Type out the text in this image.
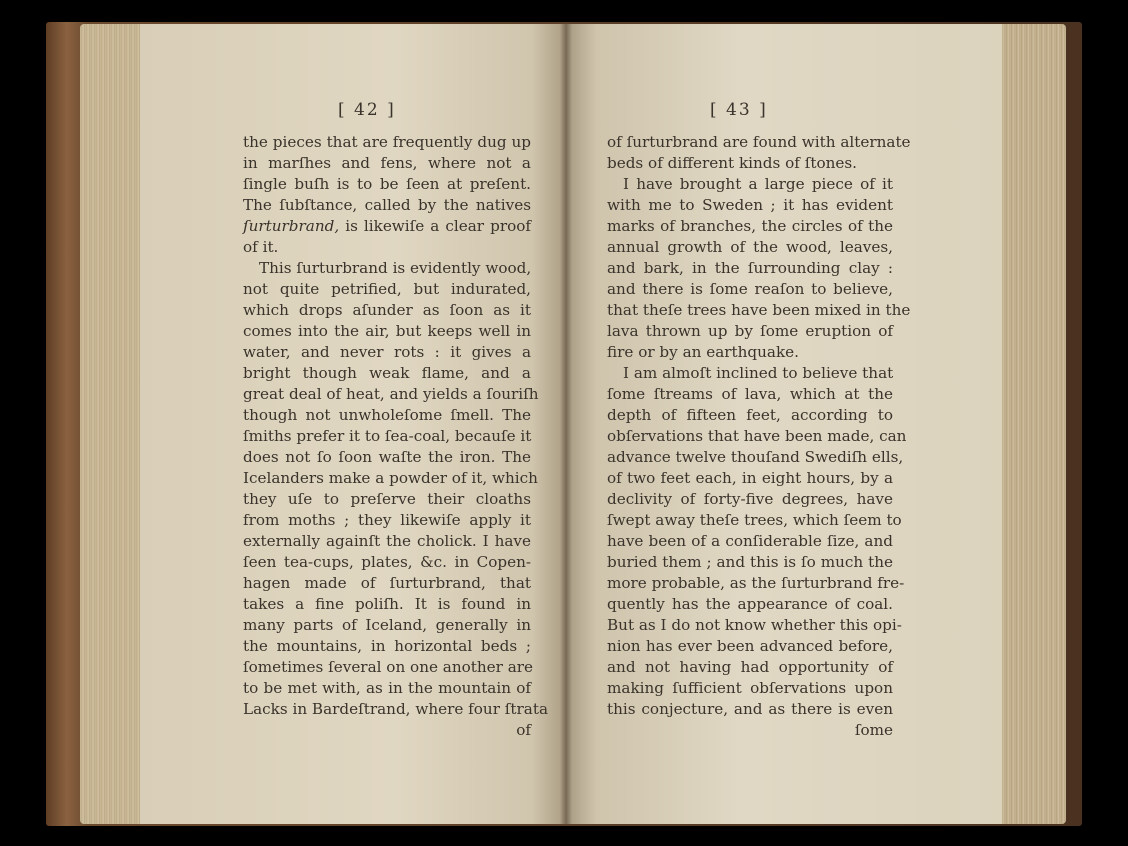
[ 42 ]	[ 43 ]
the pieces that are frequently dug up
in marſhes and fens, where not a
ſingle buſh is to be ſeen at preſent.
The ſubſtance, called by the natives
ſurturbrand, is likewiſe a clear proof
of it.
This ſurturbrand is evidently wood,
not quite petrified, but indurated,
which drops aſunder as ſoon as it
comes into the air, but keeps well in
water, and never rots : it gives a
bright though weak flame, and a
great deal of heat, and yields a ſouriſh
though not unwholeſome ſmell. The
ſmiths prefer it to ſea-coal, becauſe it
does not ſo ſoon waſte the iron. The
Icelanders make a powder of it, which
they uſe to preſerve their cloaths
from moths ; they likewiſe apply it
externally againſt the cholick. I have
ſeen tea-cups, plates, &c. in Copen-
hagen made of ſurturbrand, that
takes a fine poliſh. It is found in
many parts of Iceland, generally in
the mountains, in horizontal beds ;
ſometimes ſeveral on one another are
to be met with, as in the mountain of
Lacks in Bardeſtrand, where four ſtrata
of
of ſurturbrand are found with alternate
beds of different kinds of ſtones.
I have brought a large piece of it
with me to Sweden ; it has evident
marks of branches, the circles of the
annual growth of the wood, leaves,
and bark, in the ſurrounding clay :
and there is ſome reaſon to believe,
that theſe trees have been mixed in the
lava thrown up by ſome eruption of
fire or by an earthquake.
I am almoſt inclined to believe that
ſome ſtreams of lava, which at the
depth of fifteen feet, according to
obſervations that have been made, can
advance twelve thouſand Swediſh ells,
of two feet each, in eight hours, by a
declivity of forty-five degrees, have
ſwept away theſe trees, which ſeem to
have been of a conſiderable ſize, and
buried them ; and this is ſo much the
more probable, as the ſurturbrand fre-
quently has the appearance of coal.
But as I do not know whether this opi-
nion has ever been advanced before,
and not having had opportunity of
making ſufficient obſervations upon
this conjecture, and as there is even
ſome
